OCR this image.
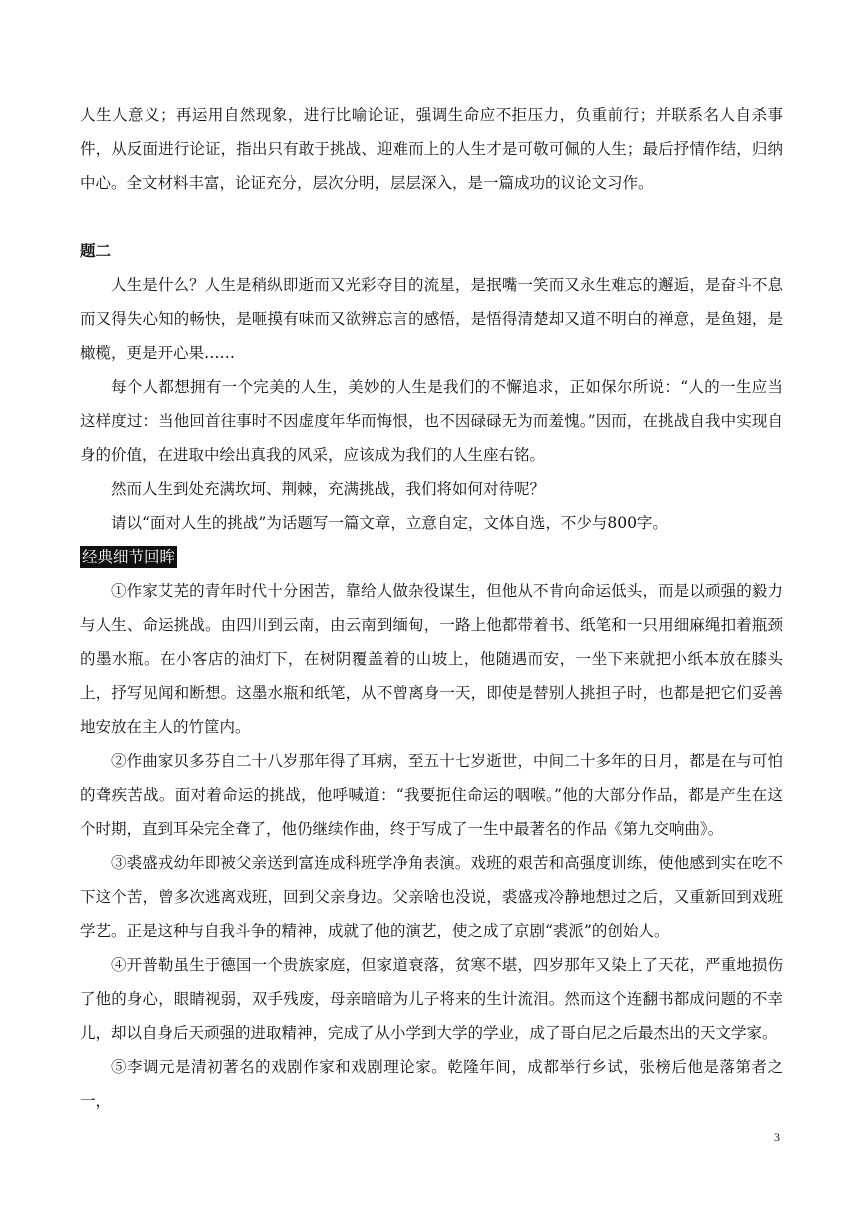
人生人意义；再运用自然现象，进行比喻论证，强调生命应不拒压力，负重前行；并联系名人自杀事件，从反面进行论证，指出只有敢于挑战、迎难而上的人生才是可敬可佩的人生；最后抒情作结，归纳中心。全文材料丰富，论证充分，层次分明，层层深入，是一篇成功的议论文习作。

题二

人生是什么？人生是稍纵即逝而又光彩夺目的流星，是抿嘴一笑而又永生难忘的邂逅，是奋斗不息而又得失心知的畅快，是咂摸有味而又欲辨忘言的感悟，是悟得清楚却又道不明白的禅意，是鱼翅，是橄榄，更是开心果……

每个人都想拥有一个完美的人生，美妙的人生是我们的不懈追求，正如保尔所说：“人的一生应当这样度过：当他回首往事时不因虚度年华而悔恨，也不因碌碌无为而羞愧。”因而，在挑战自我中实现自身的价值，在进取中绘出真我的风采，应该成为我们的人生座右铭。

然而人生到处充满坎坷、荆棘，充满挑战，我们将如何对待呢？

请以“面对人生的挑战”为话题写一篇文章，立意自定，文体自选，不少与800字。

经典细节回眸

①作家艾芜的青年时代十分困苦，靠给人做杂役谋生，但他从不肯向命运低头，而是以顽强的毅力与人生、命运挑战。由四川到云南，由云南到缅甸，一路上他都带着书、纸笔和一只用细麻绳扣着瓶颈的墨水瓶。在小客店的油灯下，在树阴覆盖着的山坡上，他随遇而安，一坐下来就把小纸本放在膝头上，抒写见闻和断想。这墨水瓶和纸笔，从不曾离身一天，即使是替别人挑担子时，也都是把它们妥善地安放在主人的竹筐内。

②作曲家贝多芬自二十八岁那年得了耳病，至五十七岁逝世，中间二十多年的日月，都是在与可怕的聋疾苦战。面对着命运的挑战，他呼喊道：“我要扼住命运的咽喉。”他的大部分作品，都是产生在这个时期，直到耳朵完全聋了，他仍继续作曲，终于写成了一生中最著名的作品《第九交响曲》。

③裘盛戎幼年即被父亲送到富连成科班学净角表演。戏班的艰苦和高强度训练，使他感到实在吃不下这个苦，曾多次逃离戏班，回到父亲身边。父亲啥也没说，裘盛戎冷静地想过之后，又重新回到戏班学艺。正是这种与自我斗争的精神，成就了他的演艺，使之成了京剧“裘派”的创始人。

④开普勒虽生于德国一个贵族家庭，但家道衰落，贫寒不堪，四岁那年又染上了天花，严重地损伤了他的身心，眼睛视弱，双手残废，母亲暗暗为儿子将来的生计流泪。然而这个连翻书都成问题的不幸儿，却以自身后天顽强的进取精神，完成了从小学到大学的学业，成了哥白尼之后最杰出的天文学家。

⑤李调元是清初著名的戏剧作家和戏剧理论家。乾隆年间，成都举行乡试，张榜后他是落第者之一，

3
